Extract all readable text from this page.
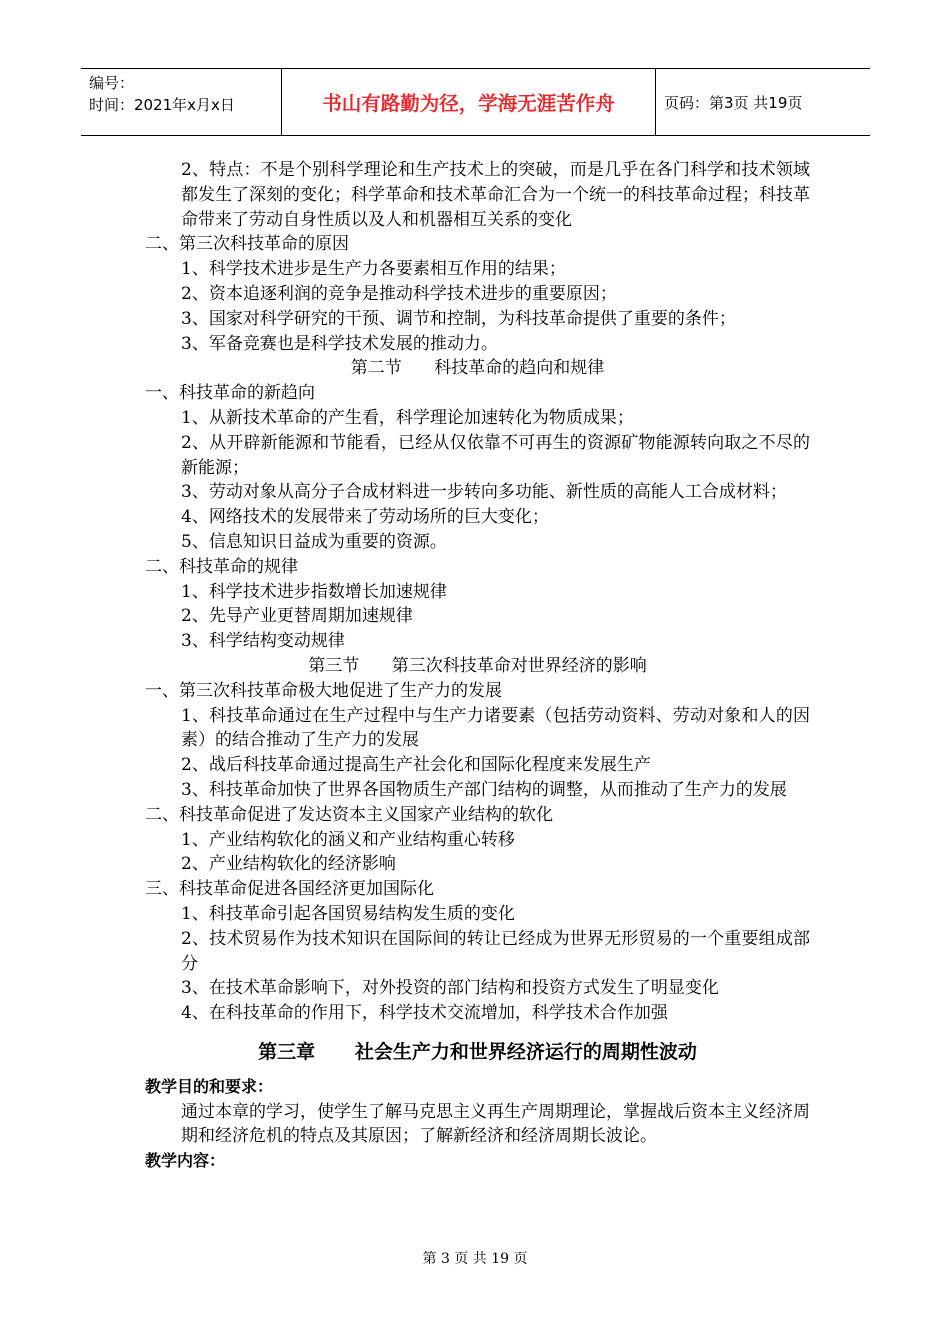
编号：
时间：2021年x月x日	书山有路勤为径，学海无涯苦作舟	页码：第3页 共19页

2、特点：不是个别科学理论和生产技术上的突破，而是几乎在各门科学和技术领域都发生了深刻的变化；科学革命和技术革命汇合为一个统一的科技革命过程；科技革命带来了劳动自身性质以及人和机器相互关系的变化

二、第三次科技革命的原因

1、科学技术进步是生产力各要素相互作用的结果；

2、资本追逐利润的竞争是推动科学技术进步的重要原因；

3、国家对科学研究的干预、调节和控制，为科技革命提供了重要的条件；

3、军备竞赛也是科学技术发展的推动力。

第二节      科技革命的趋向和规律

一、科技革命的新趋向

1、从新技术革命的产生看，科学理论加速转化为物质成果；

2、从开辟新能源和节能看，已经从仅依靠不可再生的资源矿物能源转向取之不尽的新能源；

3、劳动对象从高分子合成材料进一步转向多功能、新性质的高能人工合成材料；

4、网络技术的发展带来了劳动场所的巨大变化；

5、信息知识日益成为重要的资源。

二、科技革命的规律

1、科学技术进步指数增长加速规律

2、先导产业更替周期加速规律

3、科学结构变动规律

第三节      第三次科技革命对世界经济的影响

一、第三次科技革命极大地促进了生产力的发展

1、科技革命通过在生产过程中与生产力诸要素（包括劳动资料、劳动对象和人的因素）的结合推动了生产力的发展

2、战后科技革命通过提高生产社会化和国际化程度来发展生产

3、科技革命加快了世界各国物质生产部门结构的调整，从而推动了生产力的发展

二、科技革命促进了发达资本主义国家产业结构的软化

1、产业结构软化的涵义和产业结构重心转移

2、产业结构软化的经济影响

三、科技革命促进各国经济更加国际化

1、科技革命引起各国贸易结构发生质的变化

2、技术贸易作为技术知识在国际间的转让已经成为世界无形贸易的一个重要组成部分

3、在技术革命影响下，对外投资的部门结构和投资方式发生了明显变化

4、在科技革命的作用下，科学技术交流增加，科学技术合作加强

第三章      社会生产力和世界经济运行的周期性波动

教学目的和要求：

通过本章的学习，使学生了解马克思主义再生产周期理论，掌握战后资本主义经济周期和经济危机的特点及其原因；了解新经济和经济周期长波论。

教学内容：

第 3 页 共 19 页
